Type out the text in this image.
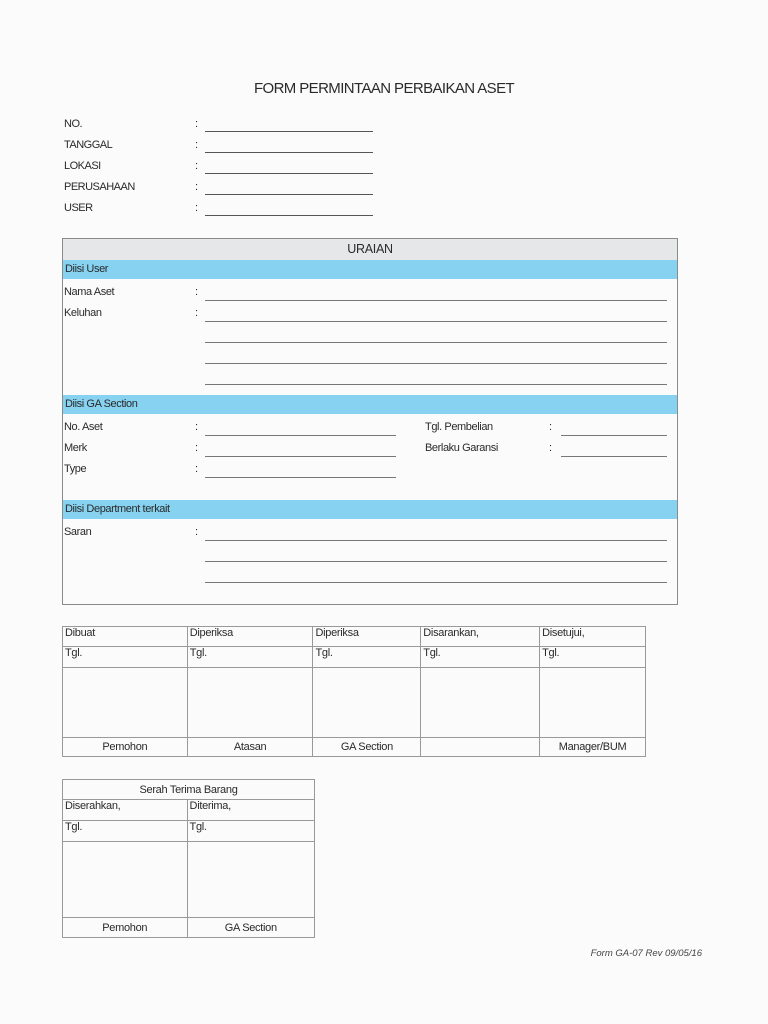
FORM PERMINTAAN PERBAIKAN ASET
NO.	:
TANGGAL	:
LOKASI	:
PERUSAHAAN	:
USER	:
URAIAN
Diisi User
Nama Aset	:
Keluhan	:
Diisi GA Section
No. Aset	:
Merk	:
Type	:
Tgl. Pembelian	:
Berlaku Garansi	:
Diisi Department terkait
Saran	:
Dibuat	Diperiksa	Diperiksa	Disarankan,	Disetujui,
Tgl.	Tgl.	Tgl.	Tgl.	Tgl.

Pemohon	Atasan	GA Section		Manager/BUM
Serah Terima Barang	
Diserahkan,	Diterima,
Tgl.	Tgl.

Pemohon	GA Section
Form GA-07 Rev 09/05/16
